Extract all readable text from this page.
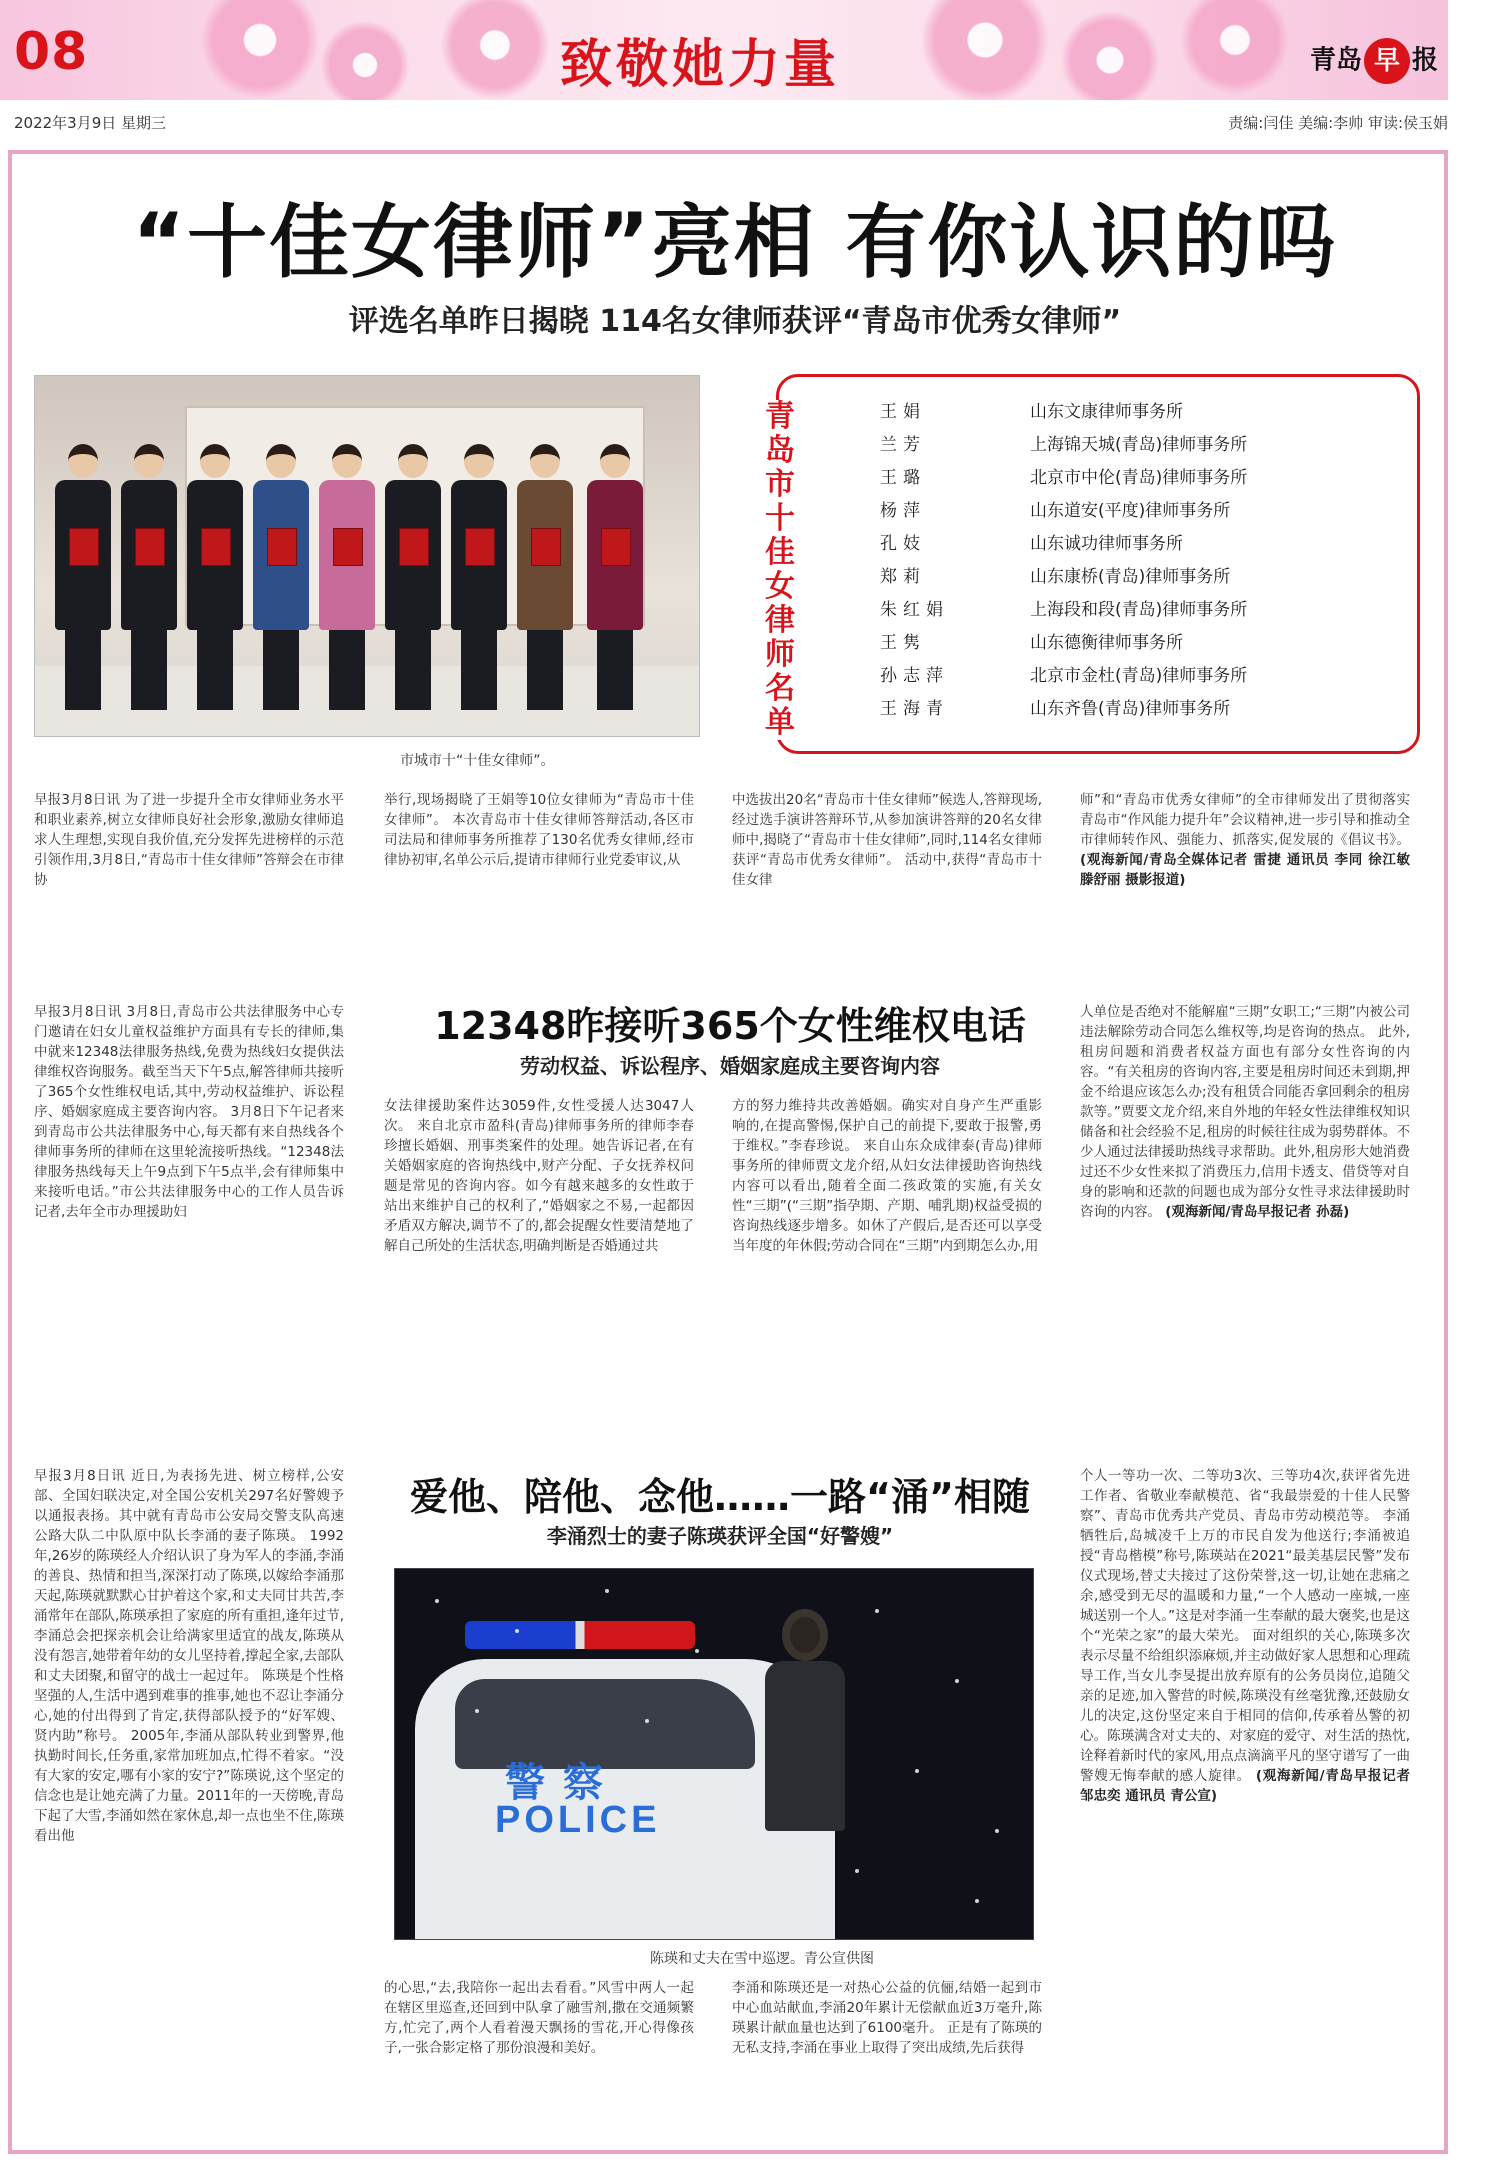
08	致敬她力量	青岛 早 报
2022年3月9日 星期三	责编:闫佳 美编:李帅 审读:侯玉娟
“十佳女律师”亮相 有你认识的吗
评选名单昨日揭晓 114名女律师获评“青岛市优秀女律师”
市城市十“十佳女律师”。
青岛市十佳女律师名单
王娟	山东文康律师事务所
兰芳	上海锦天城(青岛)律师事务所
王璐	北京市中伦(青岛)律师事务所
杨萍	山东道安(平度)律师事务所
孔妓	山东诚功律师事务所
郑莉	山东康桥(青岛)律师事务所
朱红娟	上海段和段(青岛)律师事务所
王隽	山东德衡律师事务所
孙志萍	北京市金杜(青岛)律师事务所
王海青	山东齐鲁(青岛)律师事务所
早报3月8日讯 为了进一步提升全市女律师业务水平和职业素养,树立女律师良好社会形象,激励女律师追求人生理想,实现自我价值,充分发挥先进榜样的示范引领作用,3月8日,“青岛市十佳女律师”答辩会在市律协
举行,现场揭晓了王娟等10位女律师为“青岛市十佳女律师”。 本次青岛市十佳女律师答辩活动,各区市司法局和律师事务所推荐了130名优秀女律师,经市律协初审,名单公示后,提请市律师行业党委审议,从
中选拔出20名“青岛市十佳女律师”候选人,答辩现场,经过选手演讲答辩环节,从参加演讲答辩的20名女律师中,揭晓了“青岛市十佳女律师”,同时,114名女律师获评“青岛市优秀女律师”。 活动中,获得“青岛市十佳女律
师”和“青岛市优秀女律师”的全市律师发出了贯彻落实青岛市“作风能力提升年”会议精神,进一步引导和推动全市律师转作风、强能力、抓落实,促发展的《倡议书》。 (观海新闻/青岛全媒体记者 雷捷 通讯员 李同 徐江敏 滕舒丽 摄影报道)
12348昨接听365个女性维权电话
劳动权益、诉讼程序、婚姻家庭成主要咨询内容
早报3月8日讯 3月8日,青岛市公共法律服务中心专门邀请在妇女儿童权益维护方面具有专长的律师,集中就来12348法律服务热线,免费为热线妇女提供法律维权咨询服务。截至当天下午5点,解答律师共接听了365个女性维权电话,其中,劳动权益维护、诉讼程序、婚姻家庭成主要咨询内容。 3月8日下午记者来到青岛市公共法律服务中心,每天都有来自热线各个律师事务所的律师在这里轮流接听热线。“12348法律服务热线每天上午9点到下午5点半,会有律师集中来接听电话。”市公共法律服务中心的工作人员告诉记者,去年全市办理援助妇
女法律援助案件达3059件,女性受援人达3047人次。 来自北京市盈科(青岛)律师事务所的律师李春珍擅长婚姻、刑事类案件的处理。她告诉记者,在有关婚姻家庭的咨询热线中,财产分配、子女抚养权问题是常见的咨询内容。如今有越来越多的女性敢于站出来维护自己的权利了,“婚姻家之不易,一起都因矛盾双方解决,调节不了的,都会捉醒女性要清楚地了解自己所处的生活状态,明确判断是否婚通过共
方的努力维持共改善婚姻。确实对自身产生严重影响的,在提高警惕,保护自己的前提下,要敢于报警,勇于维权。”李春珍说。 来自山东众成律泰(青岛)律师事务所的律师贾文龙介绍,从妇女法律援助咨询热线内容可以看出,随着全面二孩政策的实施,有关女性“三期”(“三期”指孕期、产期、哺乳期)权益受损的咨询热线逐步增多。如休了产假后,是否还可以享受当年度的年休假;劳动合同在“三期”内到期怎么办,用
人单位是否绝对不能解雇“三期”女职工;“三期”内被公司违法解除劳动合同怎么维权等,均是咨询的热点。 此外,租房问题和消费者权益方面也有部分女性咨询的内容。“有关租房的咨询内容,主要是租房时间还未到期,押金不给退应该怎么办;没有租赁合同能否拿回剩余的租房款等。”贾要文龙介绍,来自外地的年轻女性法律维权知识储备和社会经验不足,租房的时候往往成为弱势群体。不少人通过法律援助热线寻求帮助。此外,租房形大她消费过还不少女性来拟了消费压力,信用卡透支、借贷等对自身的影响和还款的问题也成为部分女性寻求法律援助时咨询的内容。 (观海新闻/青岛早报记者 孙磊)
爱他、陪他、念他……一路“涌”相随
李涌烈士的妻子陈瑛获评全国“好警嫂”
警察
POLICE
陈瑛和丈夫在雪中巡逻。青公宣供图
早报3月8日讯 近日,为表扬先进、树立榜样,公安部、全国妇联决定,对全国公安机关297名好警嫂予以通报表扬。其中就有青岛市公安局交警支队高速公路大队二中队原中队长李涌的妻子陈瑛。 1992年,26岁的陈瑛经人介绍认识了身为军人的李涌,李涌的善良、热情和担当,深深打动了陈瑛,以嫁给李涌那天起,陈瑛就默默心甘护着这个家,和丈夫同甘共苦,李涌常年在部队,陈瑛承担了家庭的所有重担,逢年过节,李涌总会把探亲机会让给满家里适宜的战友,陈瑛从没有怨言,她带着年幼的女儿坚持着,撑起全家,去部队和丈夫团聚,和留守的战士一起过年。 陈瑛是个性格坚强的人,生活中遇到难事的推事,她也不忍让李涌分心,她的付出得到了肯定,获得部队授予的“好军嫂、贤内助”称号。 2005年,李涌从部队转业到警界,他执勤时间长,任务重,家常加班加点,忙得不着家。“没有大家的安定,哪有小家的安宁?”陈瑛说,这个坚定的信念也是让她充满了力量。2011年的一天傍晚,青岛下起了大雪,李涌如然在家休息,却一点也坐不住,陈瑛看出他
的心思,“去,我陪你一起出去看看。”风雪中两人一起在辖区里巡查,还回到中队拿了融雪剂,撒在交通频繁方,忙完了,两个人看着漫天飘扬的雪花,开心得像孩子,一张合影定格了那份浪漫和美好。
李涌和陈瑛还是一对热心公益的伉俪,结婚一起到市中心血站献血,李涌20年累计无偿献血近3万毫升,陈瑛累计献血量也达到了6100毫升。 正是有了陈瑛的无私支持,李涌在事业上取得了突出成绩,先后获得
个人一等功一次、二等功3次、三等功4次,获评省先进工作者、省敬业奉献模范、省“我最崇爱的十佳人民警察”、青岛市优秀共产党员、青岛市劳动模范等。 李涌牺牲后,岛城凌千上万的市民自发为他送行;李涌被追授“青岛楷模”称号,陈瑛站在2021“最美基层民警”发布仪式现场,替丈夫接过了这份荣誉,这一切,让她在悲痛之余,感受到无尽的温暖和力量,“一个人感动一座城,一座城送别一个人。”这是对李涌一生奉献的最大褒奖,也是这个“光荣之家”的最大荣光。 面对组织的关心,陈瑛多次表示尽量不给组织添麻烦,并主动做好家人思想和心理疏导工作,当女儿李旻提出放弃原有的公务员岗位,追随父亲的足迹,加入警营的时候,陈瑛没有丝毫犹豫,还鼓励女儿的决定,这份坚定来自于相同的信仰,传承着丛警的初心。陈瑛满含对丈夫的、对家庭的爱守、对生活的热忱,诠释着新时代的家风,用点点滴滴平凡的坚守谱写了一曲警嫂无悔奉献的感人旋律。 (观海新闻/青岛早报记者 邹忠奕 通讯员 青公宣)
